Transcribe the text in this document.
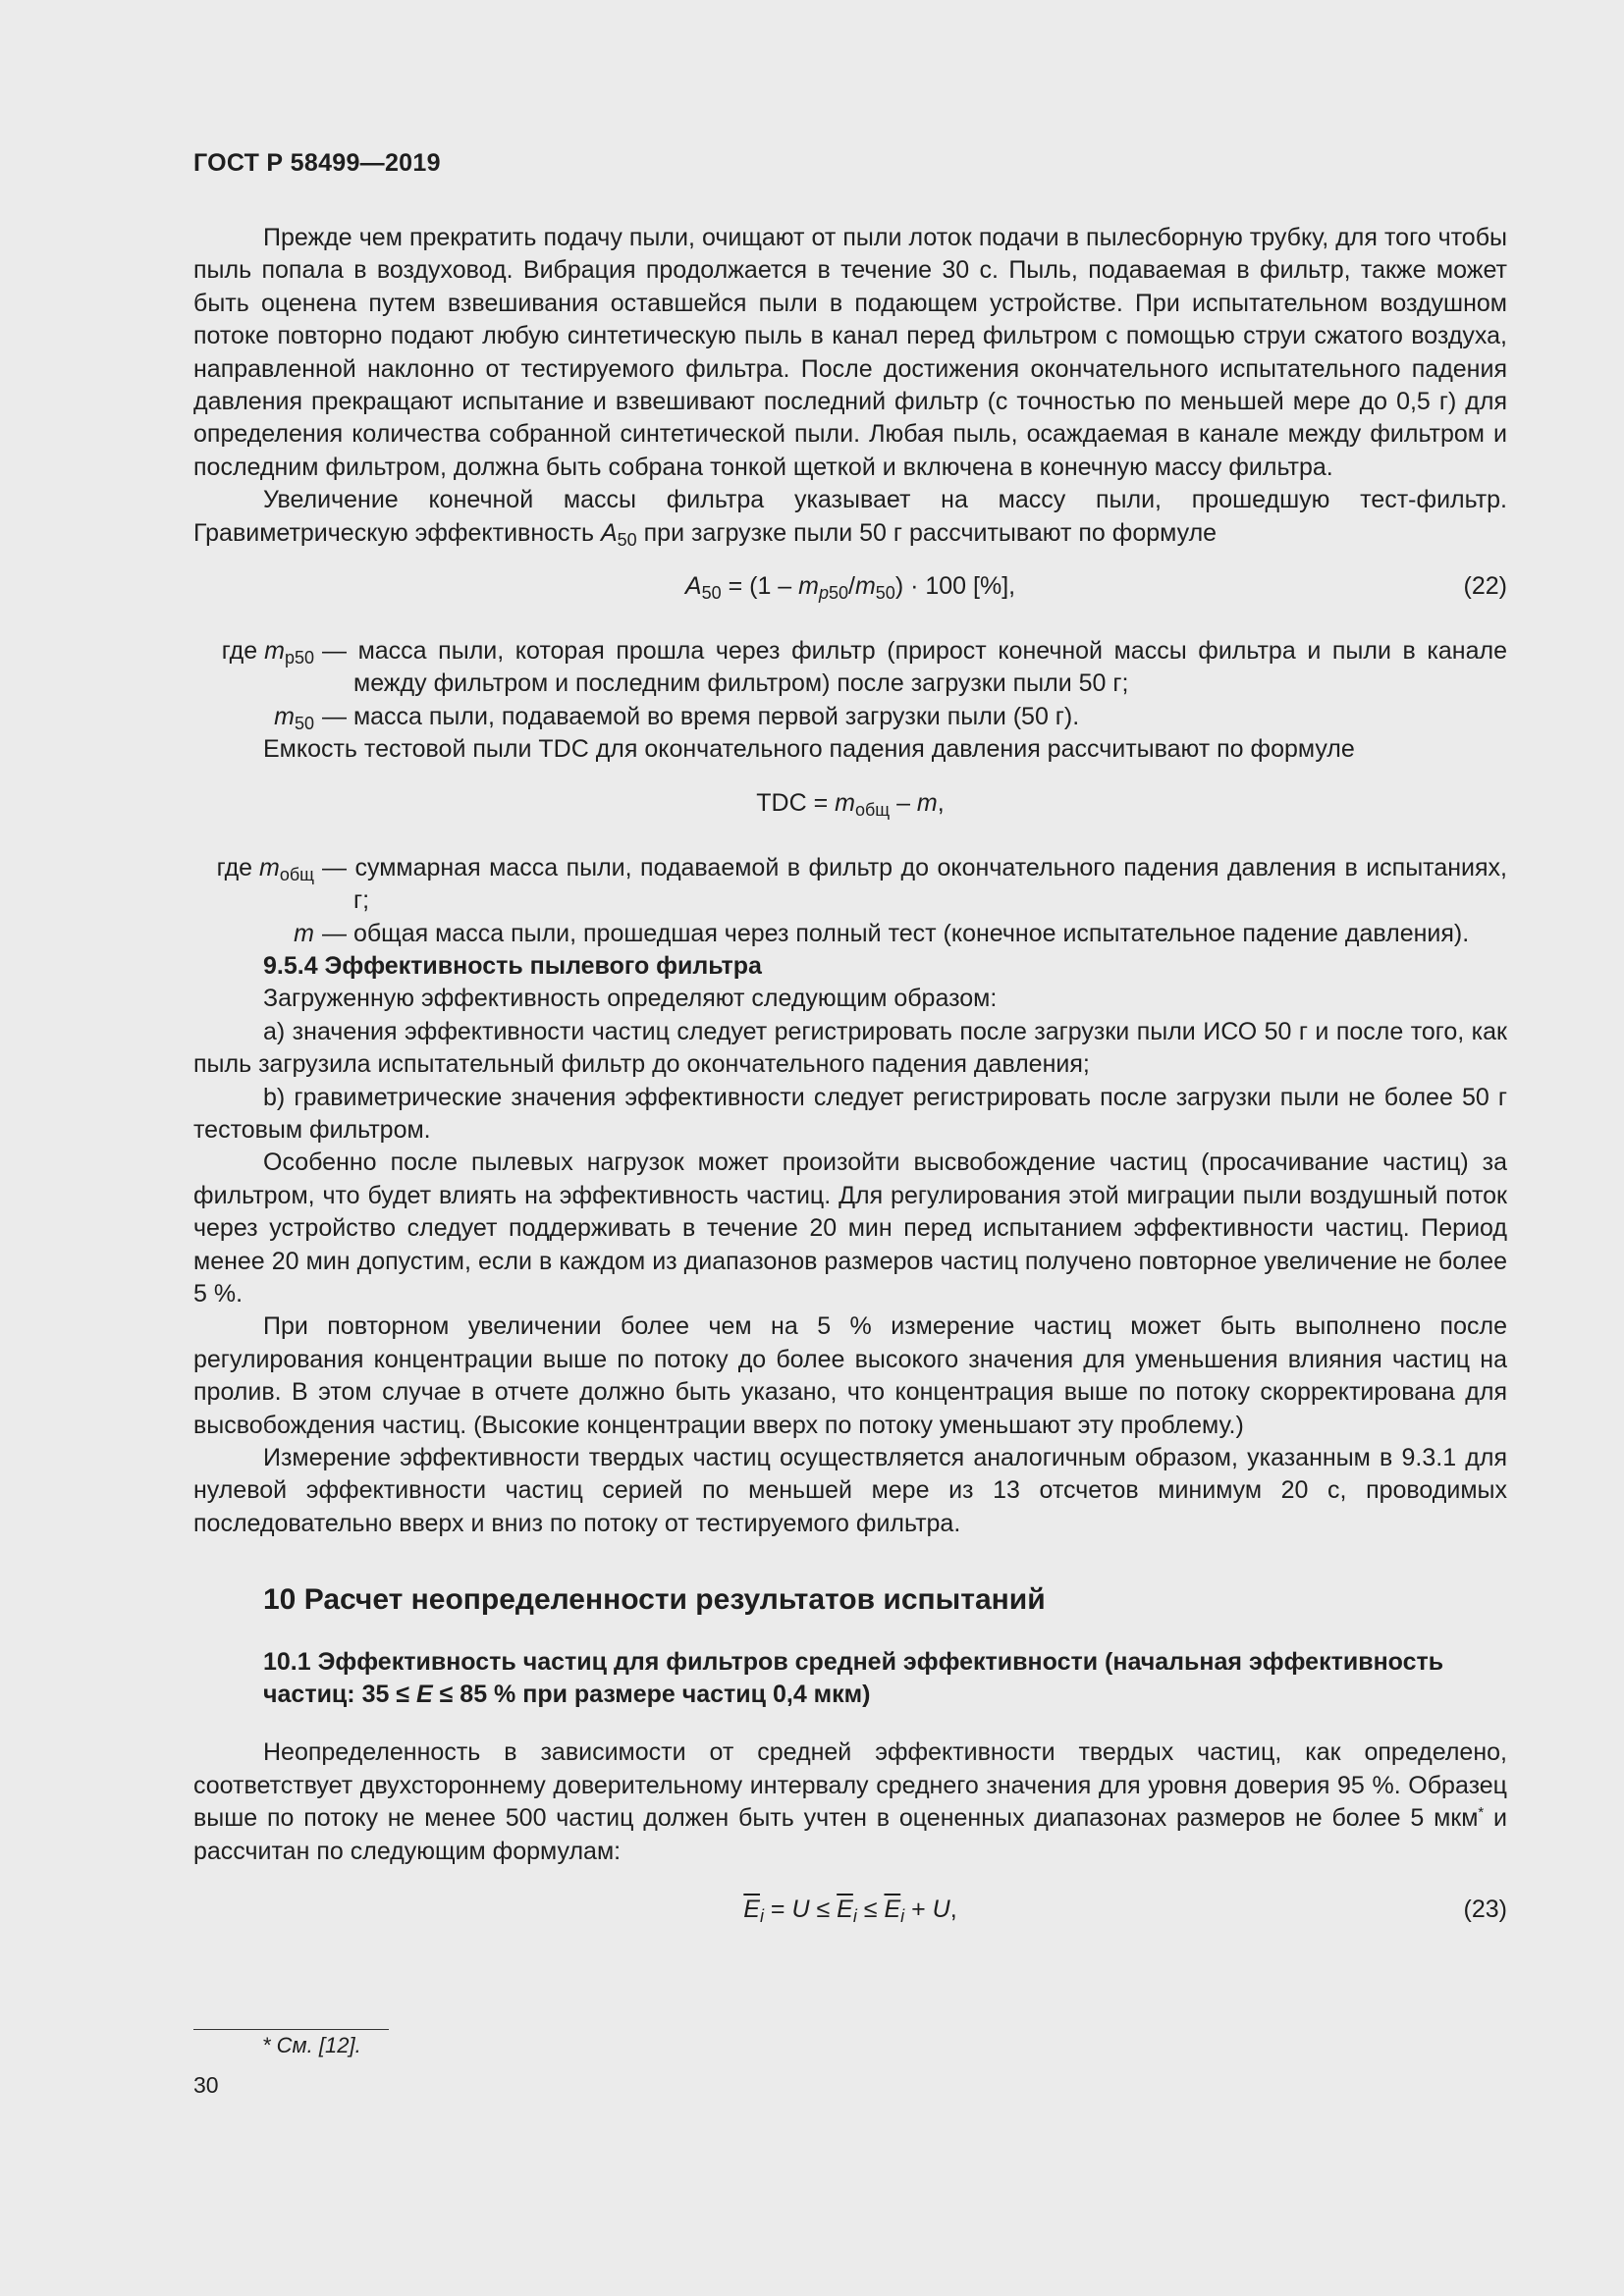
ГОСТ Р 58499—2019

Прежде чем прекратить подачу пыли, очищают от пыли лоток подачи в пылесборную трубку, для того чтобы пыль попала в воздуховод. Вибрация продолжается в течение 30 с. Пыль, подаваемая в фильтр, также может быть оценена путем взвешивания оставшейся пыли в подающем устройстве. При испытательном воздушном потоке повторно подают любую синтетическую пыль в канал перед фильтром с помощью струи сжатого воздуха, направленной наклонно от тестируемого фильтра. После достижения окончательного испытательного падения давления прекращают испытание и взвешивают последний фильтр (с точностью по меньшей мере до 0,5 г) для определения количества собранной синтетической пыли. Любая пыль, осаждаемая в канале между фильтром и последним фильтром, должна быть собрана тонкой щеткой и включена в конечную массу фильтра.

Увеличение конечной массы фильтра указывает на массу пыли, прошедшую тест-фильтр. Гравиметрическую эффективность $A_{50}$ при загрузке пыли 50 г рассчитывают по формуле

$A_{50} = (1 - m_{p50}/m_{50}) \cdot 100$ [%],	(22)
где $m_{p50}$ — масса пыли, которая прошла через фильтр (прирост конечной массы фильтра и пыли в канале между фильтром и последним фильтром) после загрузки пыли 50 г;
$m_{50}$ — масса пыли, подаваемой во время первой загрузки пыли (50 г).

Емкость тестовой пыли TDC для окончательного падения давления рассчитывают по формуле

TDC = $m_{общ}$ – m,
где $m_{общ}$ — суммарная масса пыли, подаваемой в фильтр до окончательного падения давления в испытаниях, г;
m — общая масса пыли, прошедшая через полный тест (конечное испытательное падение давления).

9.5.4 Эффективность пылевого фильтра

Загруженную эффективность определяют следующим образом:

a) значения эффективности частиц следует регистрировать после загрузки пыли ИСО 50 г и после того, как пыль загрузила испытательный фильтр до окончательного падения давления;

b) гравиметрические значения эффективности следует регистрировать после загрузки пыли не более 50 г тестовым фильтром.

Особенно после пылевых нагрузок может произойти высвобождение частиц (просачивание частиц) за фильтром, что будет влиять на эффективность частиц. Для регулирования этой миграции пыли воздушный поток через устройство следует поддерживать в течение 20 мин перед испытанием эффективности частиц. Период менее 20 мин допустим, если в каждом из диапазонов размеров частиц получено повторное увеличение не более 5 %.

При повторном увеличении более чем на 5 % измерение частиц может быть выполнено после регулирования концентрации выше по потоку до более высокого значения для уменьшения влияния частиц на пролив. В этом случае в отчете должно быть указано, что концентрация выше по потоку скорректирована для высвобождения частиц. (Высокие концентрации вверх по потоку уменьшают эту проблему.)

Измерение эффективности твердых частиц осуществляется аналогичным образом, указанным в 9.3.1 для нулевой эффективности частиц серией по меньшей мере из 13 отсчетов минимум 20 с, проводимых последовательно вверх и вниз по потоку от тестируемого фильтра.

10 Расчет неопределенности результатов испытаний
10.1 Эффективность частиц для фильтров средней эффективности (начальная эффективность частиц: 35 ≤ E ≤ 85 % при размере частиц 0,4 мкм)

Неопределенность в зависимости от средней эффективности твердых частиц, как определено, соответствует двухстороннему доверительному интервалу среднего значения для уровня доверия 95 %. Образец выше по потоку не менее 500 частиц должен быть учтен в оцененных диапазонах размеров не более 5 мкм* и рассчитан по следующим формулам:

$\overline{E}_i = U \le \overline{E}_i \le \overline{E}_i + U$,	(23)
* См. [12].
30
